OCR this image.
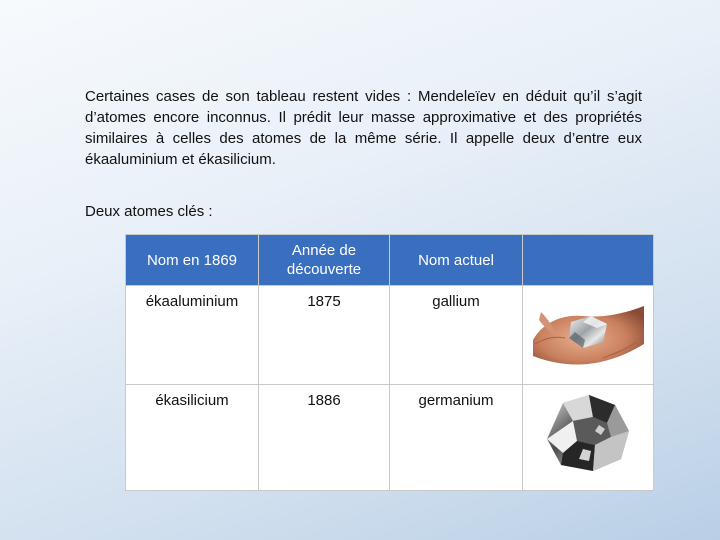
Certaines cases de son tableau restent vides : Mendeleïev en déduit qu’il s’agit d’atomes encore inconnus. Il prédit leur masse approximative et des propriétés similaires à celles des atomes de la même série. Il appelle deux d’entre eux ékaaluminium et ékasilicium.

Deux atomes clés :

Nom en 1869	Année de découverte	Nom actuel	
ékaaluminium	1875	gallium	

ékasilicium	1886	germanium	
